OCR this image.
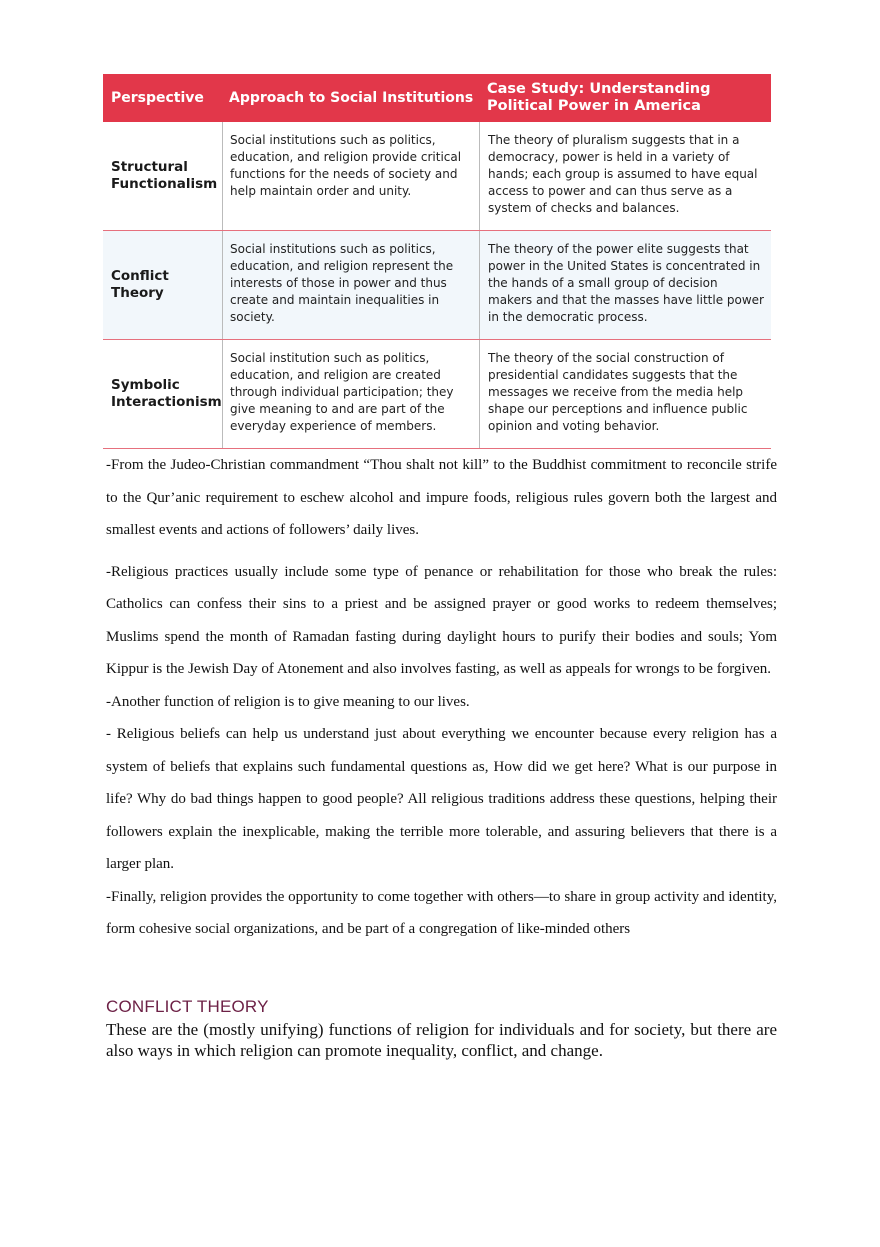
Perspective	Approach to Social Institutions
Case Study: Understanding Political Power in America
Structural Functionalism
Social institutions such as politics, education, and religion provide critical functions for the needs of society and help maintain order and unity.
The theory of pluralism suggests that in a democracy, power is held in a variety of hands; each group is assumed to have equal access to power and can thus serve as a system of checks and balances.
Conflict Theory
Social institutions such as politics, education, and religion represent the interests of those in power and thus create and maintain inequalities in society.
The theory of the power elite suggests that power in the United States is concentrated in the hands of a small group of decision makers and that the masses have little power in the democratic process.
Symbolic Interactionism
Social institution such as politics, education, and religion are created through individual participation; they give meaning to and are part of the everyday experience of members.
The theory of the social construction of presidential candidates suggests that the messages we receive from the media help shape our perceptions and influence public opinion and voting behavior.

-From the Judeo-Christian commandment “Thou shalt not kill” to the Buddhist commitment to reconcile strife to the Qur’anic requirement to eschew alcohol and impure foods, religious rules govern both the largest and smallest events and actions of followers’ daily lives.

-Religious practices usually include some type of penance or rehabilitation for those who break the rules: Catholics can confess their sins to a priest and be assigned prayer or good works to redeem themselves; Muslims spend the month of Ramadan fasting during daylight hours to purify their bodies and souls; Yom Kippur is the Jewish Day of Atonement and also involves fasting, as well as appeals for wrongs to be forgiven.

-Another function of religion is to give meaning to our lives.

- Religious beliefs can help us understand just about everything we encounter because every religion has a system of beliefs that explains such fundamental questions as, How did we get here? What is our purpose in life? Why do bad things happen to good people? All religious traditions address these questions, helping their followers explain the inexplicable, making the terrible more tolerable, and assuring believers that there is a larger plan.

-Finally, religion provides the opportunity to come together with others—to share in group activity and identity, form cohesive social organizations, and be part of a congregation of like-minded others

CONFLICT THEORY

These are the (mostly unifying) functions of religion for individuals and for society, but there are also ways in which religion can promote inequality, conflict, and change.
